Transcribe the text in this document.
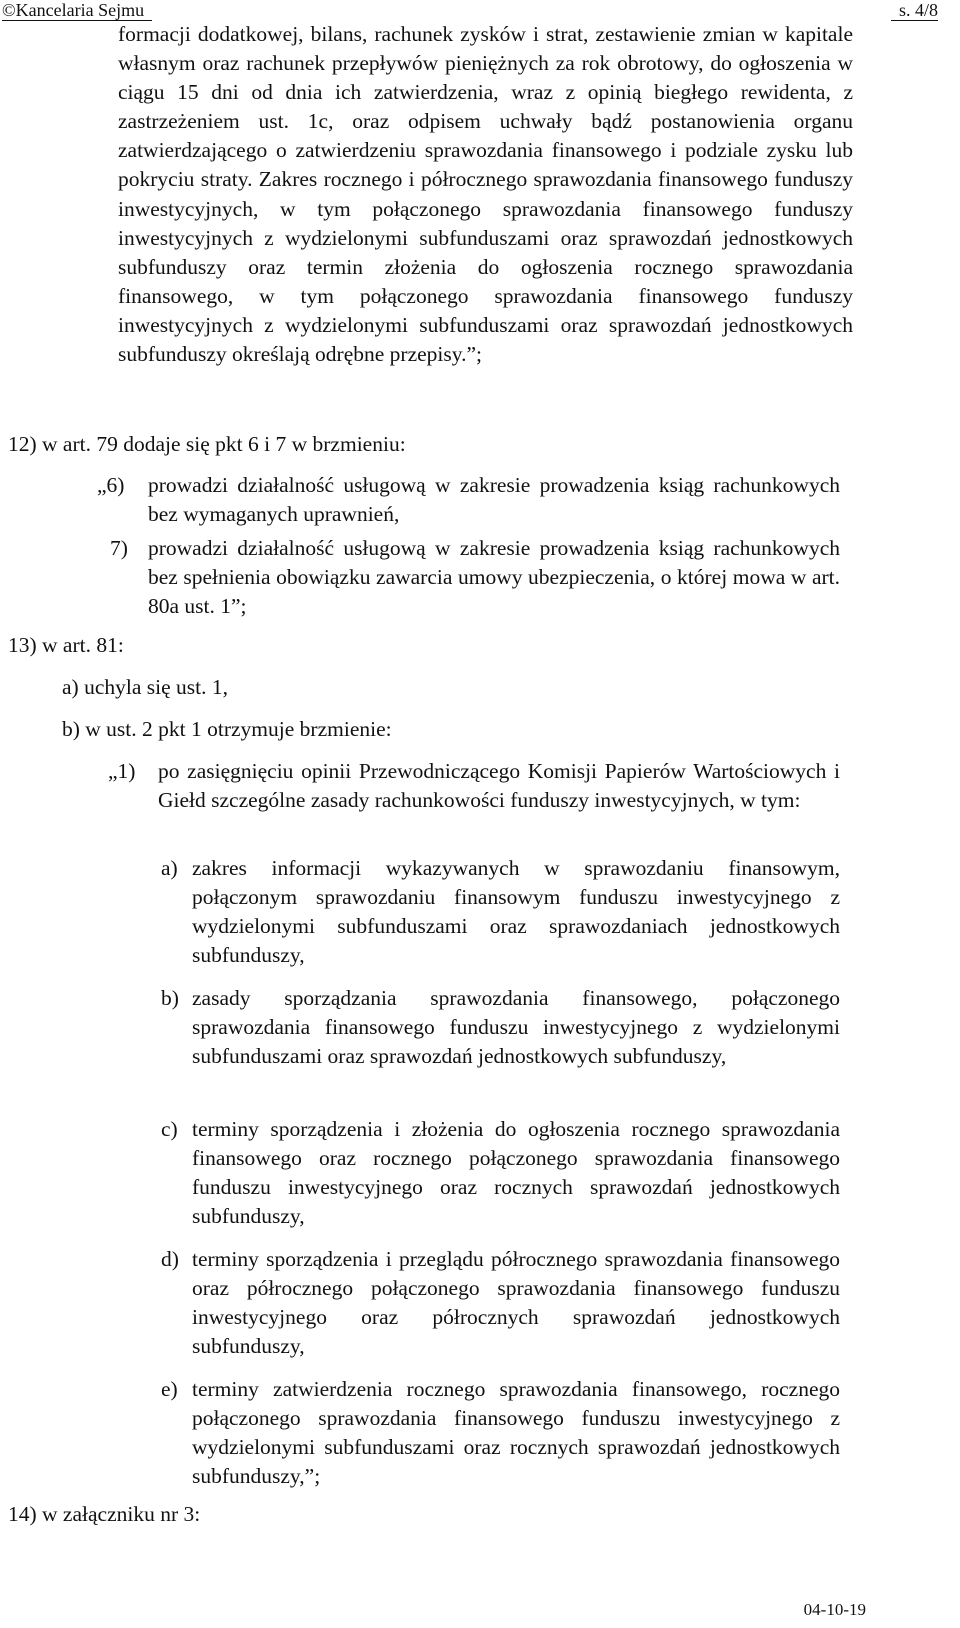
©Kancelaria Sejmu	s. 4/8

formacji dodatkowej, bilans, rachunek zysków i strat, zestawienie zmian w kapitale własnym oraz rachunek przepływów pieniężnych za rok obrotowy, do ogłoszenia w ciągu 15 dni od dnia ich zatwierdzenia, wraz z opinią biegłego rewidenta, z zastrzeżeniem ust. 1c, oraz odpisem uchwały bądź postanowienia organu zatwierdzającego o zatwierdzeniu sprawozdania finansowego i podziale zysku lub pokryciu straty. Zakres rocznego i półrocznego sprawozdania finansowego funduszy inwestycyjnych, w tym połączonego sprawozdania finansowego funduszy inwestycyjnych z wydzielonymi subfunduszami oraz sprawozdań jednostkowych subfunduszy oraz termin złożenia do ogłoszenia rocznego sprawozdania finansowego, w tym połączonego sprawozdania finansowego funduszy inwestycyjnych z wydzielonymi subfunduszami oraz sprawozdań jednostkowych subfunduszy określają odrębne przepisy.”;

12) w art. 79 dodaje się pkt 6 i 7 w brzmieniu:

„6) prowadzi działalność usługową w zakresie prowadzenia ksiąg rachunkowych bez wymaganych uprawnień,

7) prowadzi działalność usługową w zakresie prowadzenia ksiąg rachunkowych bez spełnienia obowiązku zawarcia umowy ubezpieczenia, o której mowa w art. 80a ust. 1”;

13) w art. 81:

a) uchyla się ust. 1,

b) w ust. 2 pkt 1 otrzymuje brzmienie:

„1) po zasięgnięciu opinii Przewodniczącego Komisji Papierów Wartościowych i Giełd szczególne zasady rachunkowości funduszy inwestycyjnych, w tym:

a) zakres informacji wykazywanych w sprawozdaniu finansowym, połączonym sprawozdaniu finansowym funduszu inwestycyjnego z wydzielonymi subfunduszami oraz sprawozdaniach jednostkowych subfunduszy,

b) zasady sporządzania sprawozdania finansowego, połączonego sprawozdania finansowego funduszu inwestycyjnego z wydzielonymi subfunduszami oraz sprawozdań jednostkowych subfunduszy,

c) terminy sporządzenia i złożenia do ogłoszenia rocznego sprawozdania finansowego oraz rocznego połączonego sprawozdania finansowego funduszu inwestycyjnego oraz rocznych sprawozdań jednostkowych subfunduszy,

d) terminy sporządzenia i przeglądu półrocznego sprawozdania finansowego oraz półrocznego połączonego sprawozdania finansowego funduszu inwestycyjnego oraz półrocznych sprawozdań jednostkowych subfunduszy,

e) terminy zatwierdzenia rocznego sprawozdania finansowego, rocznego połączonego sprawozdania finansowego funduszu inwestycyjnego z wydzielonymi subfunduszami oraz rocznych sprawozdań jednostkowych subfunduszy,”;

14) w załączniku nr 3:

04-10-19
